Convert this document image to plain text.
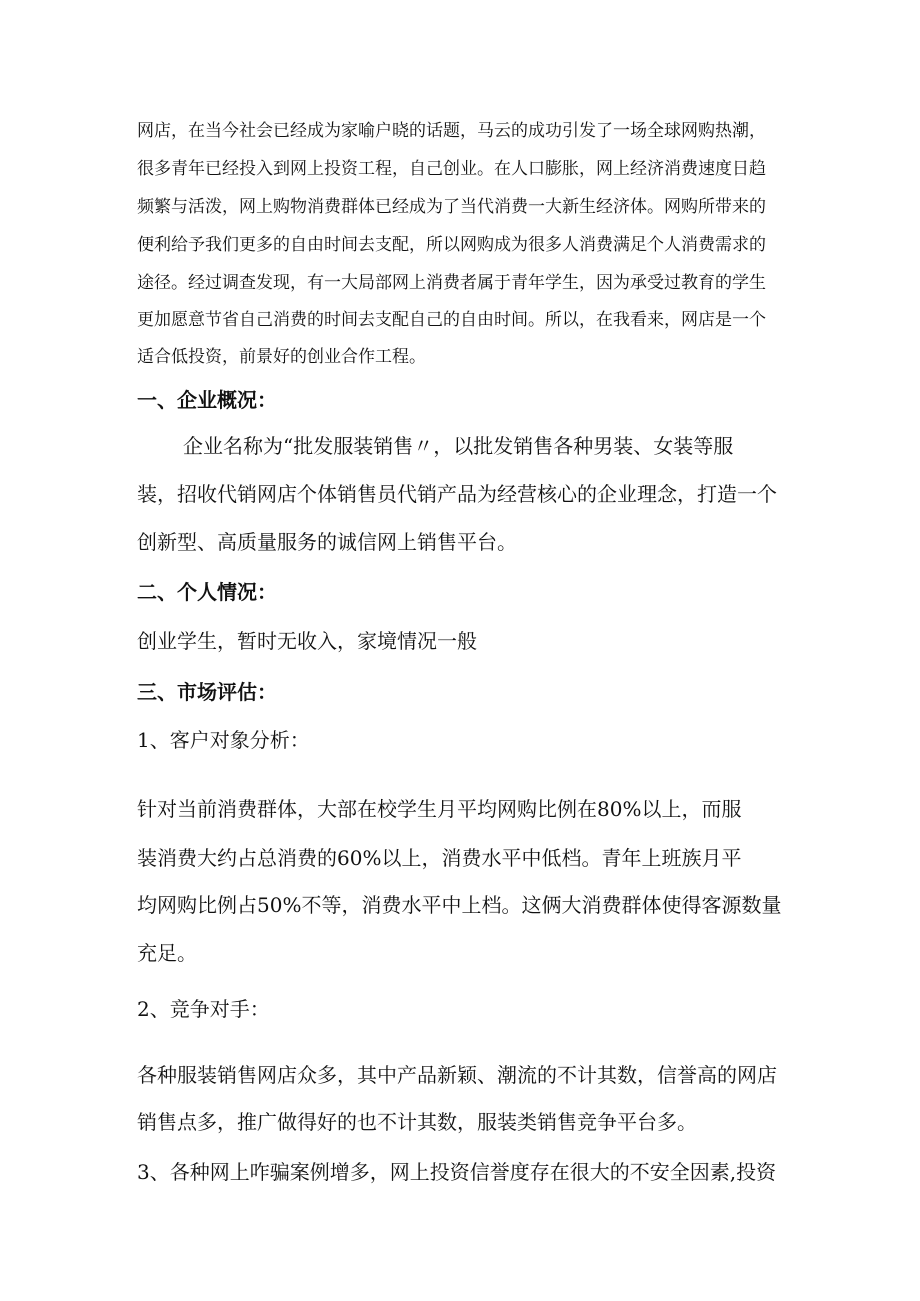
网店，在当今社会已经成为家喻户晓的话题，马云的成功引发了一场全球网购热潮，
很多青年已经投入到网上投资工程，自己创业。在人口膨胀，网上经济消费速度日趋
频繁与活泼，网上购物消费群体已经成为了当代消费一大新生经济体。网购所带来的
便利给予我们更多的自由时间去支配，所以网购成为很多人消费满足个人消费需求的
途径。经过调查发现，有一大局部网上消费者属于青年学生，因为承受过教育的学生
更加愿意节省自己消费的时间去支配自己的自由时间。所以，在我看来，网店是一个
适合低投资，前景好的创业合作工程。
一、企业概况：
企业名称为“批发服装销售〃，以批发销售各种男装、女装等服
装，招收代销网店个体销售员代销产品为经营核心的企业理念，打造一个
创新型、高质量服务的诚信网上销售平台。
二、个人情况：
创业学生，暂时无收入，家境情况一般
三、市场评估：
1、客户对象分析：
针对当前消费群体，大部在校学生月平均网购比例在80%以上，而服
装消费大约占总消费的60%以上，消费水平中低档。青年上班族月平
均网购比例占50%不等，消费水平中上档。这俩大消费群体使得客源数量
充足。
2、竞争对手：
各种服装销售网店众多，其中产品新颖、潮流的不计其数，信誉高的网店
销售点多，推广做得好的也不计其数，服装类销售竞争平台多。
3、各种网上咋骗案例增多，网上投资信誉度存在很大的不安全因素,投资
